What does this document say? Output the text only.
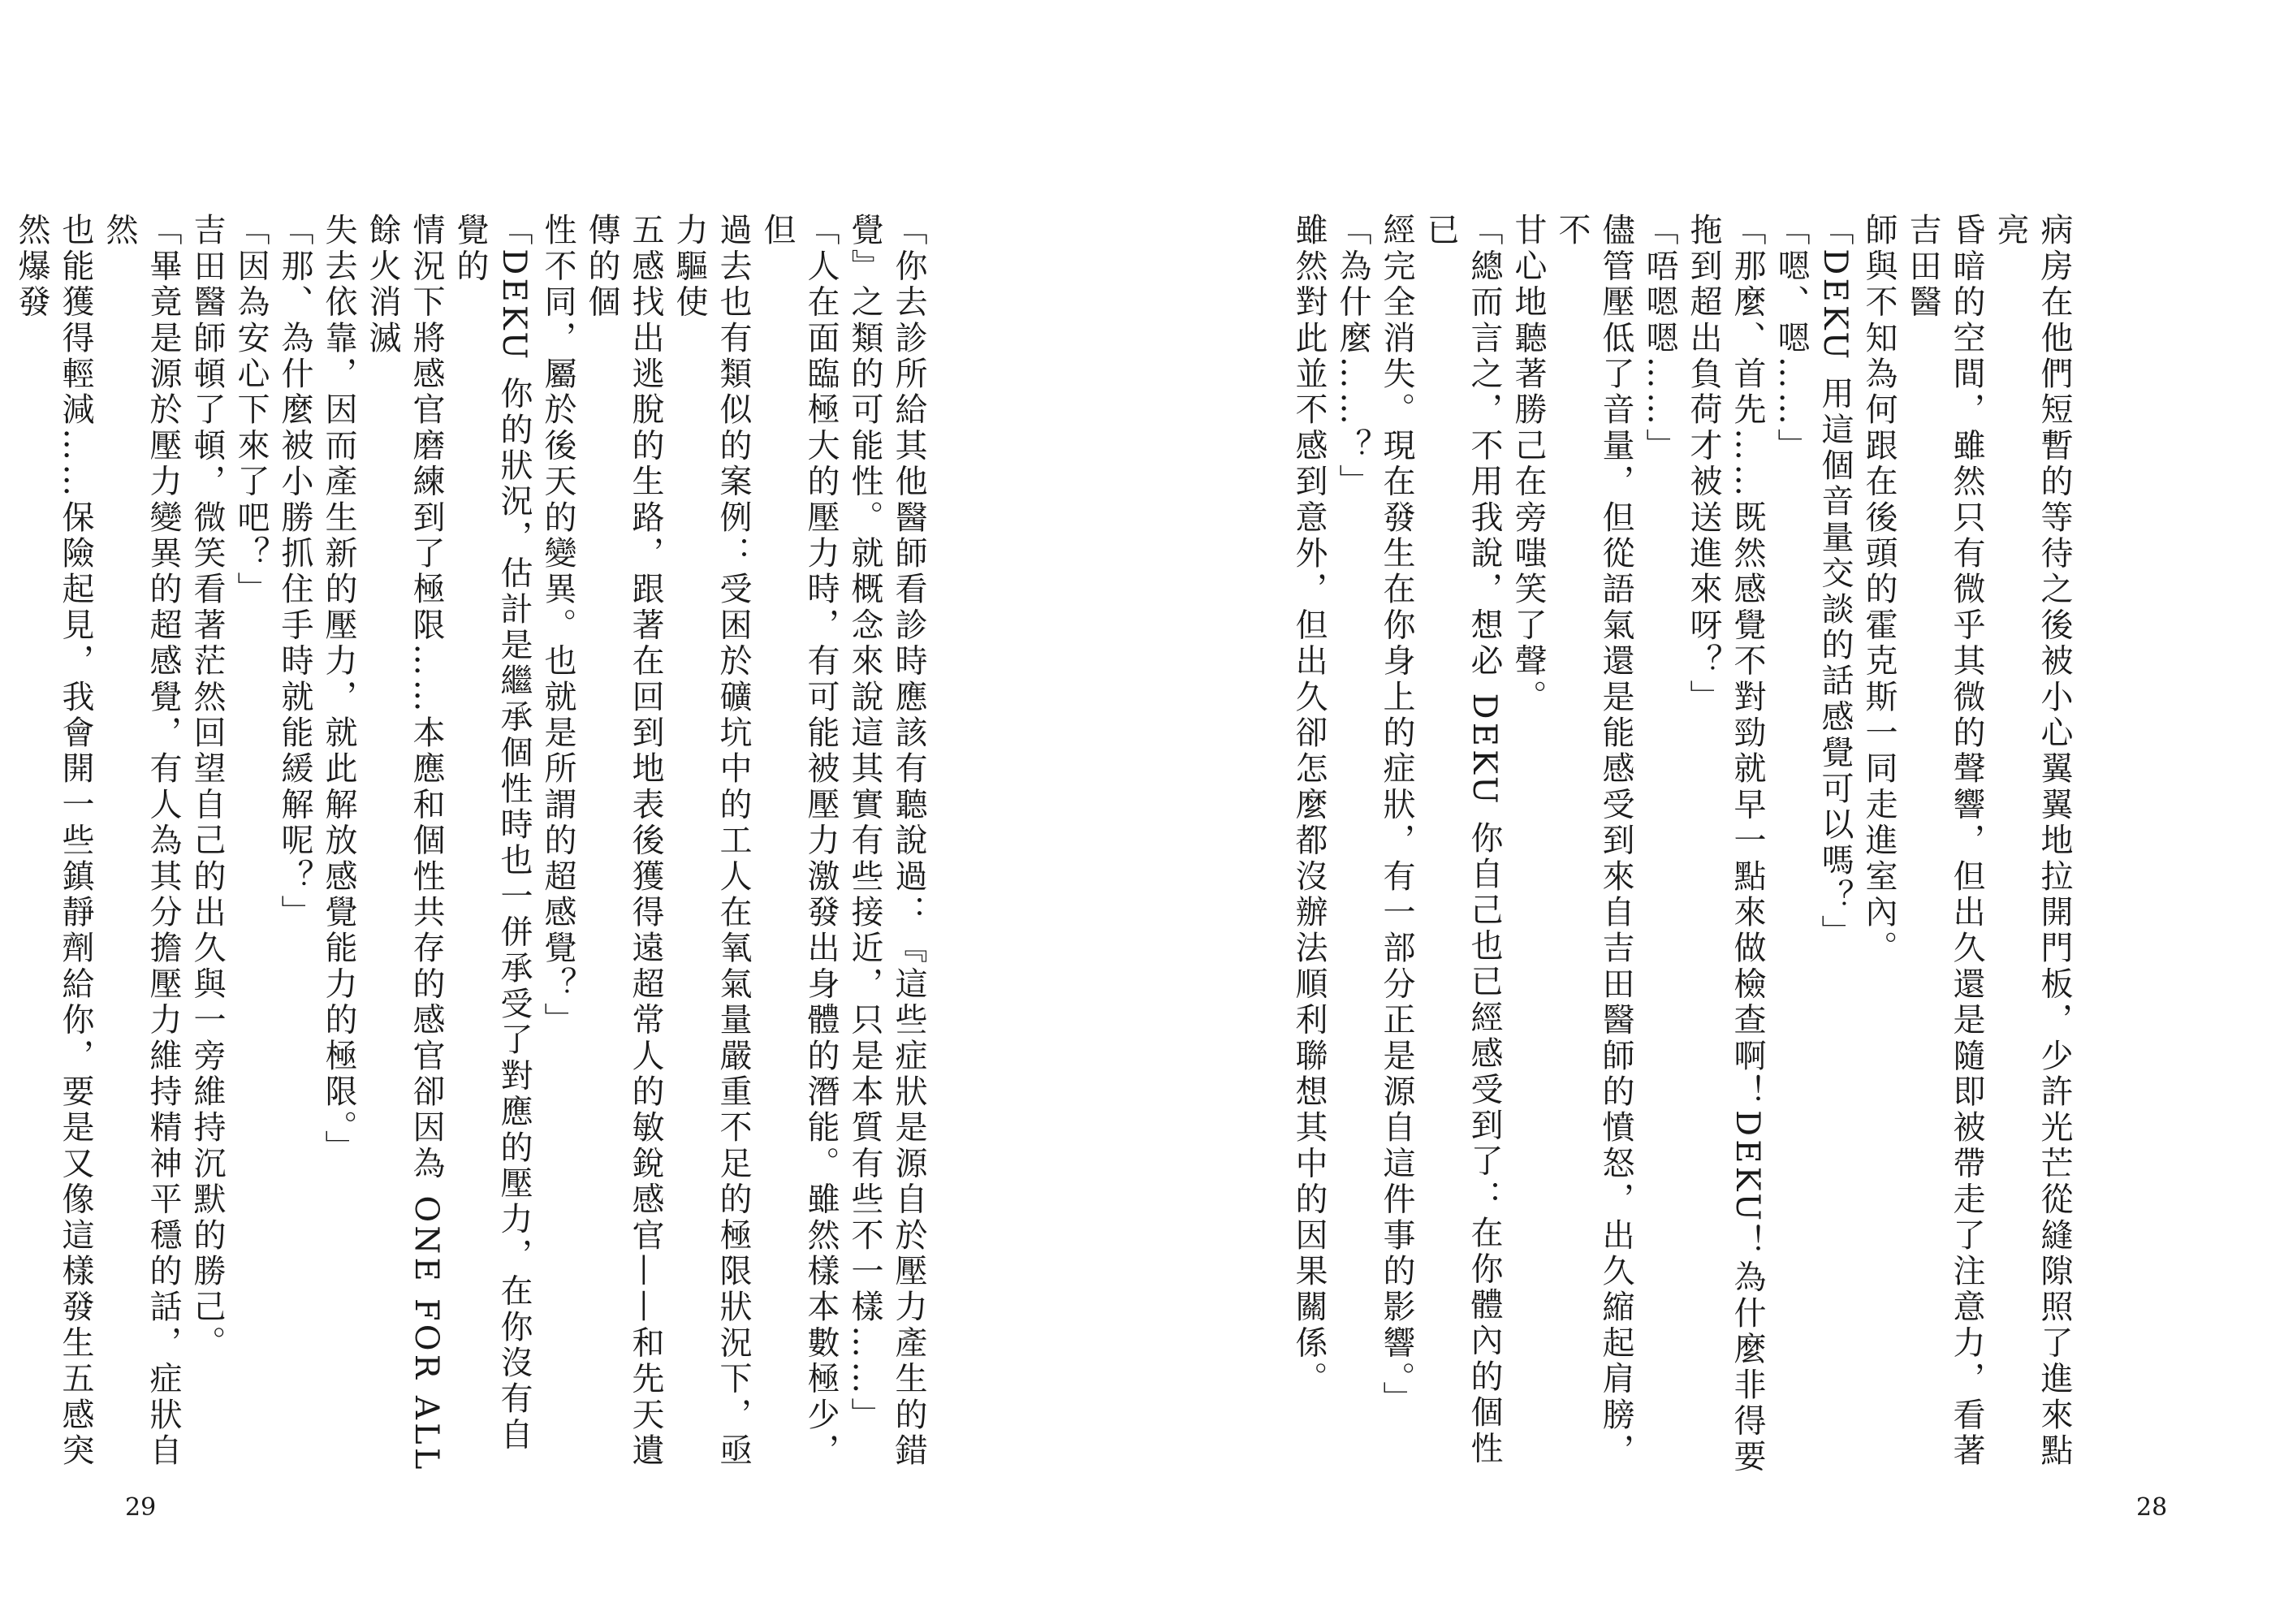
「你去診所給其他醫師看診時應該有聽說過：『這些症狀是源自於壓力產生的錯

覺』之類的可能性。就概念來說這其實有些接近，只是本質有些不一樣……」

「人在面臨極大的壓力時，有可能被壓力激發出身體的潛能。雖然樣本數極少，但

過去也有類似的案例：受困於礦坑中的工人在氧氣量嚴重不足的極限狀況下，亟力驅使

五感找出逃脫的生路，跟著在回到地表後獲得遠超常人的敏銳感官——和先天遺傳的個

性不同，屬於後天的變異。也就是所謂的超感覺？」

「DEKU 你的狀況，估計是繼承個性時也一併承受了對應的壓力，在你沒有自覺的

情況下將感官磨練到了極限……本應和個性共存的感官卻因為 ONE FOR ALL 餘火消滅

失去依靠，因而產生新的壓力，就此解放感覺能力的極限。」

「那、為什麼被小勝抓住手時就能緩解呢？」

「因為安心下來了吧？」

吉田醫師頓了頓，微笑看著茫然回望自己的出久與一旁維持沉默的勝己。

「畢竟是源於壓力變異的超感覺，有人為其分擔壓力維持精神平穩的話，症狀自然

也能獲得輕減……保險起見，我會開一些鎮靜劑給你，要是又像這樣發生五感突然爆發

29

病房在他們短暫的等待之後被小心翼翼地拉開門板，少許光芒從縫隙照了進來點亮

昏暗的空間，雖然只有微乎其微的聲響，但出久還是隨即被帶走了注意力，看著吉田醫

師與不知為何跟在後頭的霍克斯一同走進室內。

「DEKU 用這個音量交談的話感覺可以嗎？」

「嗯、嗯……」

「那麼、首先……既然感覺不對勁就早一點來做檢查啊！DEKU！為什麼非得要

拖到超出負荷才被送進來呀？」

「唔嗯嗯……」

儘管壓低了音量，但從語氣還是能感受到來自吉田醫師的憤怒，出久縮起肩膀，不

甘心地聽著勝己在旁嗤笑了聲。

「總而言之，不用我說，想必 DEKU 你自己也已經感受到了：在你體內的個性已

經完全消失。現在發生在你身上的症狀，有一部分正是源自這件事的影響。」

「為什麼……？」

雖然對此並不感到意外，但出久卻怎麼都沒辦法順利聯想其中的因果關係。

28
